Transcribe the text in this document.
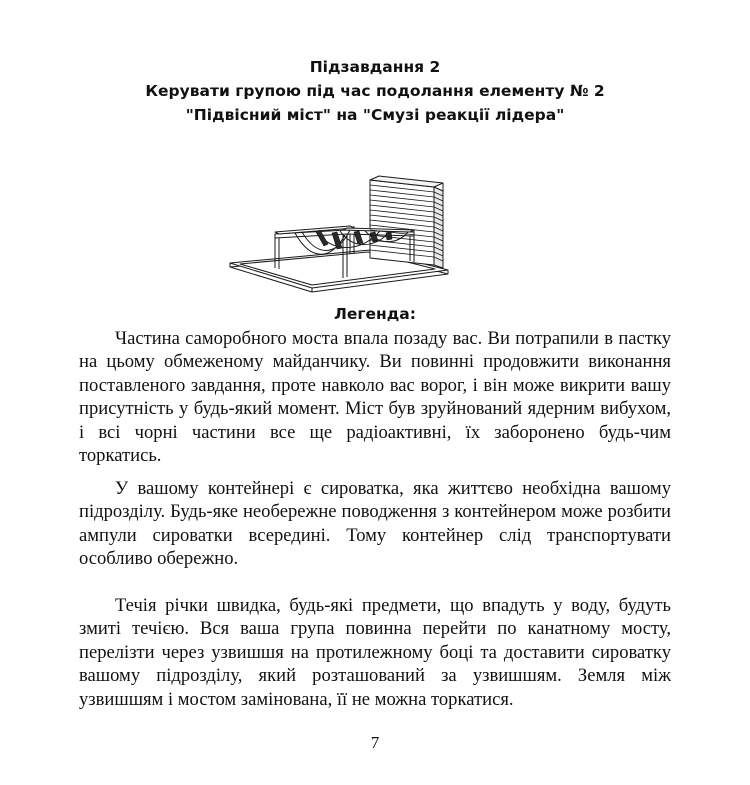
Підзавдання 2
Керувати групою під час подолання елементу № 2
"Підвісний міст" на "Смузі реакції лідера"
Легенда:

Частина саморобного моста впала позаду вас. Ви потрапили в пастку на цьому обмеженому майданчику. Ви повинні продовжити виконання поставленого завдання, проте навколо вас ворог, і він може викрити вашу присутність у будь-який момент. Міст був зруйнований ядерним вибухом, і всі чорні частини все ще радіоактивні, їх заборонено будь-чим торкатись.

У вашому контейнері є сироватка, яка життєво необхідна вашому підрозділу. Будь-яке необережне поводження з контейнером може розбити ампули сироватки всередині. Тому контейнер слід транспортувати особливо обережно.

Течія річки швидка, будь-які предмети, що впадуть у воду, будуть змиті течією. Вся ваша група повинна перейти по канатному мосту, перелізти через узвишшя на протилежному боці та доставити сироватку вашому підрозділу, який розташований за узвишшям. Земля між узвишшям і мостом замінована, її не можна торкатися.

7
